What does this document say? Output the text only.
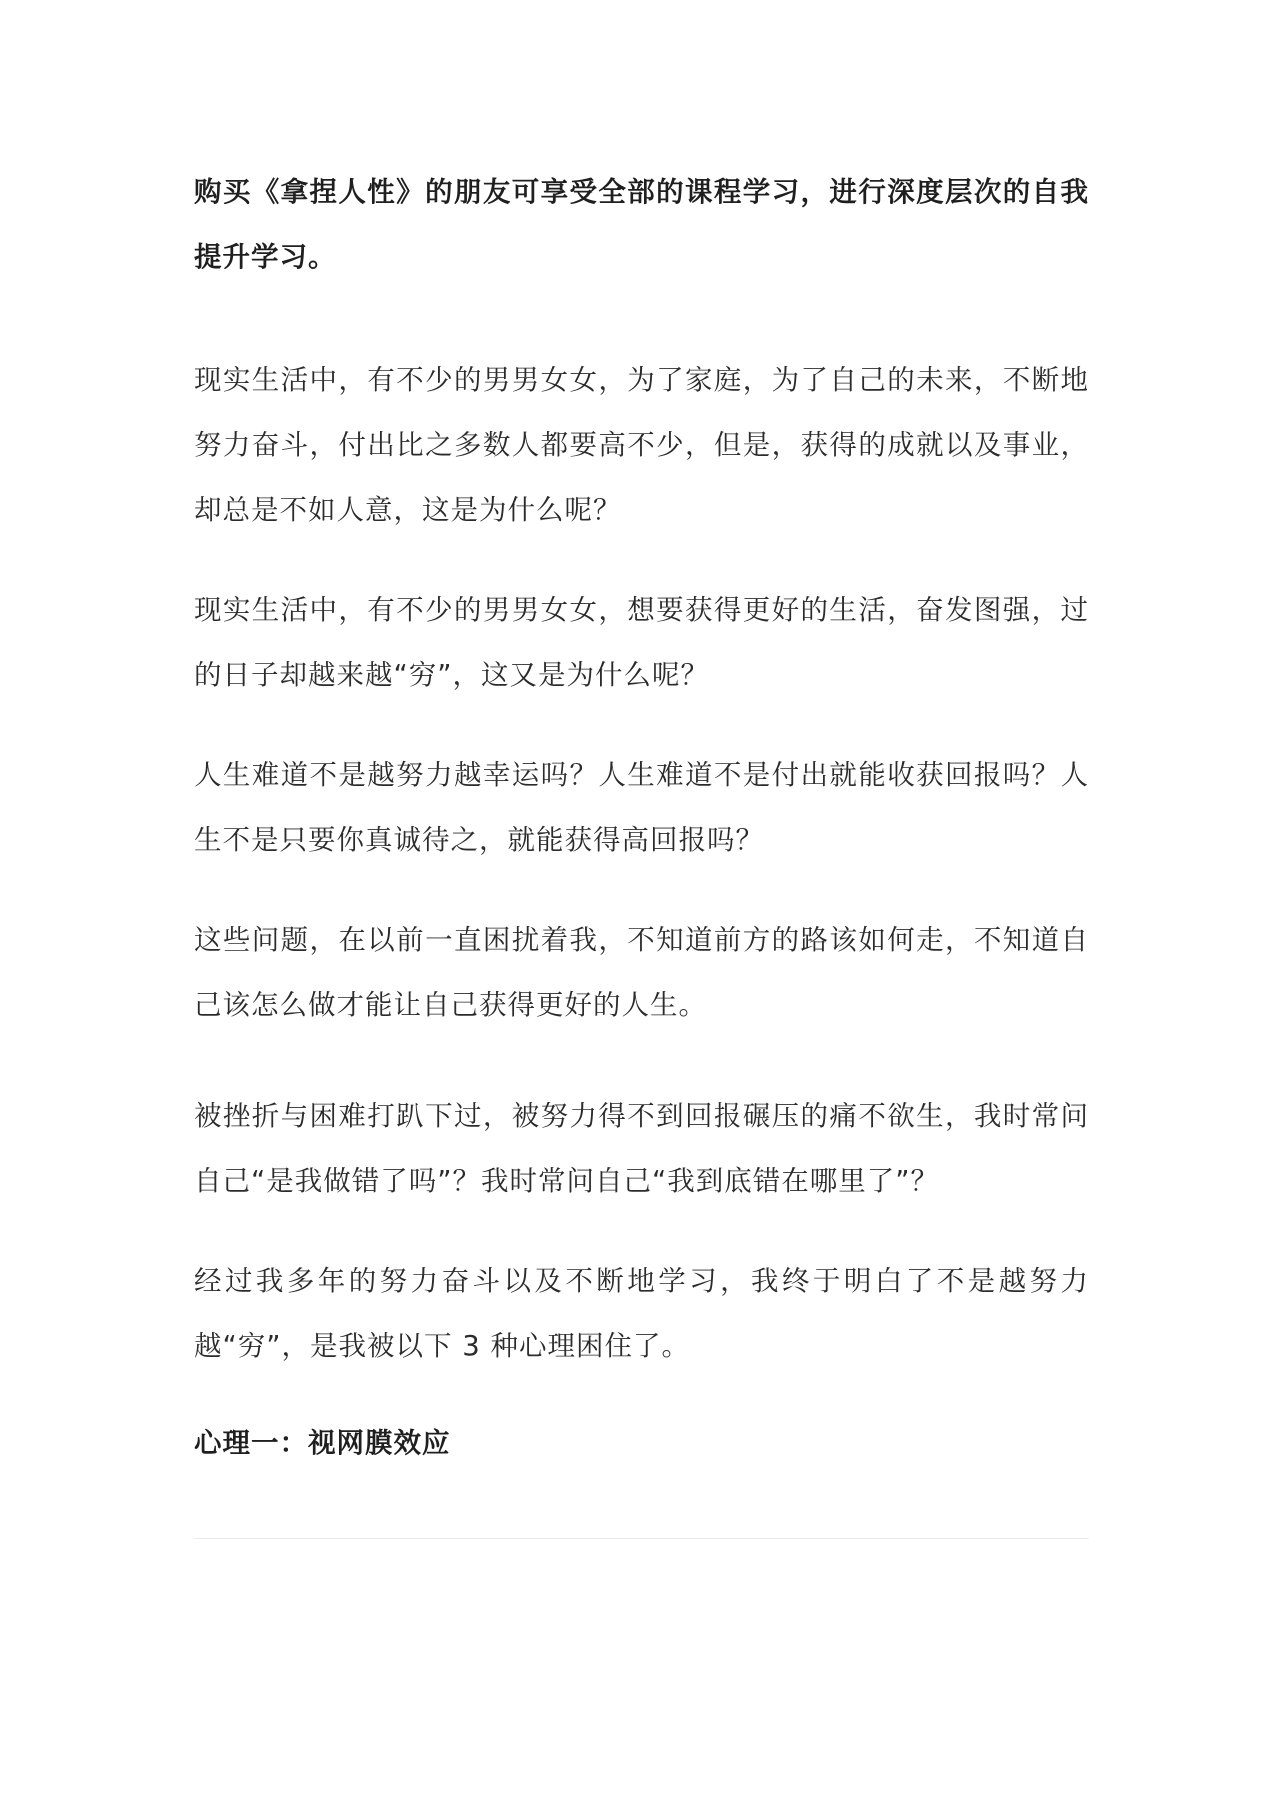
购买《拿捏人性》的朋友可享受全部的课程学习，进行深度层次的自我提升学习。

现实生活中，有不少的男男女女，为了家庭，为了自己的未来，不断地努力奋斗，付出比之多数人都要高不少，但是，获得的成就以及事业，却总是不如人意，这是为什么呢？

现实生活中，有不少的男男女女，想要获得更好的生活，奋发图强，过的日子却越来越“穷”，这又是为什么呢？

人生难道不是越努力越幸运吗？人生难道不是付出就能收获回报吗？人生不是只要你真诚待之，就能获得高回报吗？

这些问题，在以前一直困扰着我，不知道前方的路该如何走，不知道自己该怎么做才能让自己获得更好的人生。

被挫折与困难打趴下过，被努力得不到回报碾压的痛不欲生，我时常问自己“是我做错了吗”？我时常问自己“我到底错在哪里了”？

经过我多年的努力奋斗以及不断地学习，我终于明白了不是越努力越“穷”，是我被以下 3 种心理困住了。

心理一：视网膜效应
